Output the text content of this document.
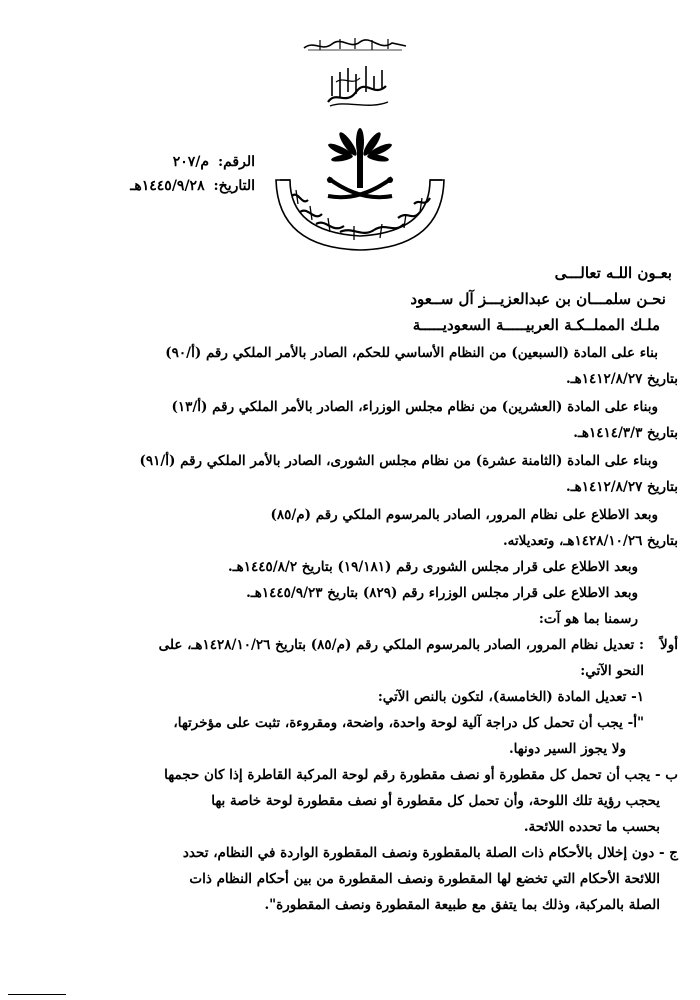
الرقم: م/٢٠٧
التاريخ: ١٤٤٥/٩/٢٨هـ
بعـون اللـه تعالـــى
نحـن سلمـــان بن عبدالعزيـــز آل ســعود
ملـك المملــكـة العربيـــــة السعوديـــــة
بناء على المادة (السبعين) من النظام الأساسي للحكم، الصادر بالأمر الملكي رقم (أ/٩٠)
بتاريخ ١٤١٢/٨/٢٧هـ.
وبناء على المادة (العشرين) من نظام مجلس الوزراء، الصادر بالأمر الملكي رقم (أ/١٣)
بتاريخ ١٤١٤/٣/٣هـ.
وبناء على المادة (الثامنة عشرة) من نظام مجلس الشورى، الصادر بالأمر الملكي رقم (أ/٩١)
بتاريخ ١٤١٢/٨/٢٧هـ.
وبعد الاطلاع على نظام المرور، الصادر بالمرسوم الملكي رقم (م/٨٥)
بتاريخ ١٤٢٨/١٠/٢٦هـ، وتعديلاته.
وبعد الاطلاع على قرار مجلس الشورى رقم (١٩/١٨١) بتاريخ ١٤٤٥/٨/٢هـ.
وبعد الاطلاع على قرار مجلس الوزراء رقم (٨٢٩) بتاريخ ١٤٤٥/٩/٢٣هـ.
رسمنا بما هو آت:
أولاً
: تعديل نظام المرور، الصادر بالمرسوم الملكي رقم (م/٨٥) بتاريخ ١٤٢٨/١٠/٢٦هـ، على
النحو الآتي:
١- تعديل المادة (الخامسة)، لتكون بالنص الآتي:
"أ- يجب أن تحمل كل دراجة آلية لوحة واحدة، واضحة، ومقروءة، تثبت على مؤخرتها،
ولا يجوز السير دونها.
ب - يجب أن تحمل كل مقطورة أو نصف مقطورة رقم لوحة المركبة القاطرة إذا كان حجمها
يحجب رؤية تلك اللوحة، وأن تحمل كل مقطورة أو نصف مقطورة لوحة خاصة بها
بحسب ما تحدده اللائحة.
ج - دون إخلال بالأحكام ذات الصلة بالمقطورة ونصف المقطورة الواردة في النظام، تحدد
اللائحة الأحكام التي تخضع لها المقطورة ونصف المقطورة من بين أحكام النظام ذات
الصلة بالمركبة، وذلك بما يتفق مع طبيعة المقطورة ونصف المقطورة".
